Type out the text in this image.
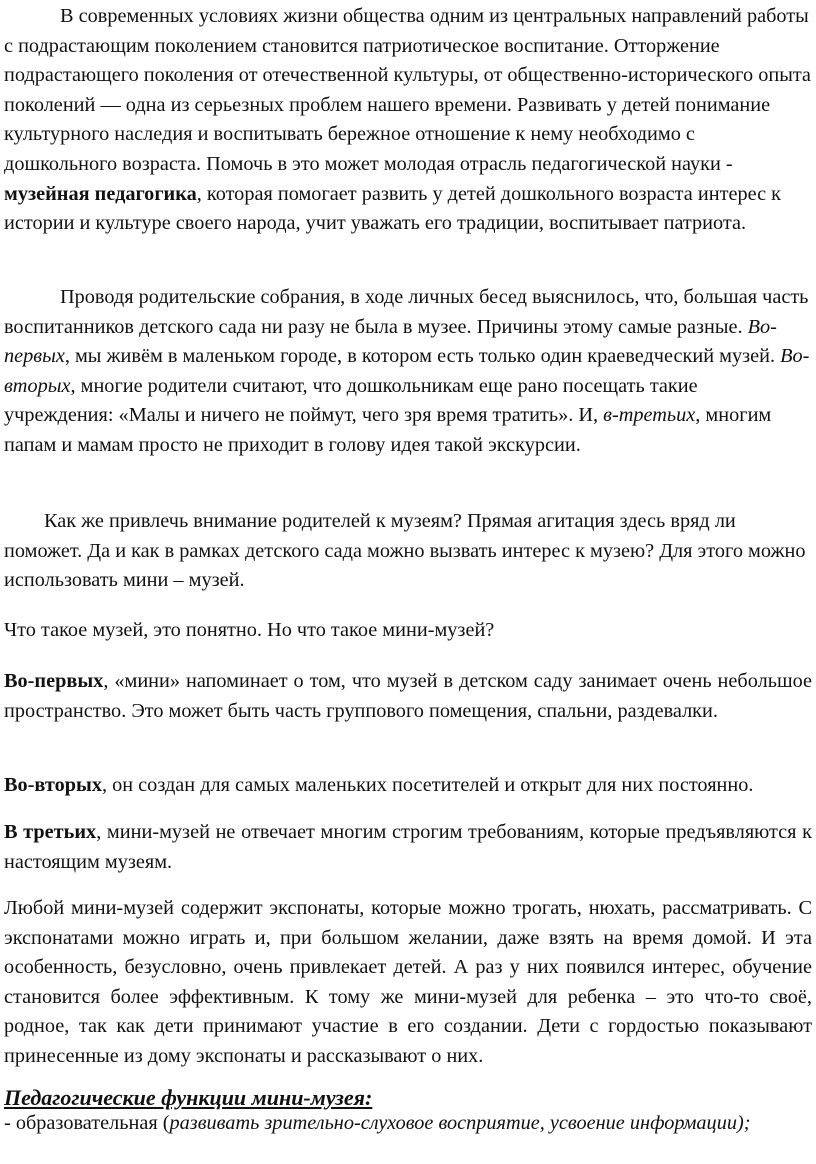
В современных условиях жизни общества одним из центральных направлений работы с подрастающим поколением становится патриотическое воспитание. Отторжение подрастающего поколения от отечественной культуры, от общественно-исторического опыта поколений — одна из серьезных проблем нашего времени. Развивать у детей понимание культурного наследия и воспитывать бережное отношение к нему необходимо с дошкольного возраста. Помочь в это может молодая отрасль педагогической науки - музейная педагогика, которая помогает развить у детей дошкольного возраста интерес к истории и культуре своего народа, учит уважать его традиции, воспитывает патриота.

Проводя родительские собрания, в ходе личных бесед выяснилось, что, большая часть воспитанников детского сада ни разу не была в музее. Причины этому самые разные. Во-первых, мы живём в маленьком городе, в котором есть только один краеведческий музей. Во-вторых, многие родители считают, что дошкольникам еще рано посещать такие учреждения: «Малы и ничего не поймут, чего зря время тратить». И, в-третьих, многим папам и мамам просто не приходит в голову идея такой экскурсии.

Как же привлечь внимание родителей к музеям? Прямая агитация здесь вряд ли поможет. Да и как в рамках детского сада можно вызвать интерес к музею? Для этого можно использовать мини – музей.

Что такое музей, это понятно. Но что такое мини-музей?

Во-первых, «мини» напоминает о том, что музей в детском саду занимает очень небольшое пространство. Это может быть часть группового помещения, спальни, раздевалки.

Во-вторых, он создан для самых маленьких посетителей и открыт для них постоянно.

В третьих, мини-музей не отвечает многим строгим требованиям, которые предъявляются к настоящим музеям.

Любой мини-музей содержит экспонаты, которые можно трогать, нюхать, рассматривать. С экспонатами можно играть и, при большом желании, даже взять на время домой. И эта особенность, безусловно, очень привлекает детей. А раз у них появился интерес, обучение становится более эффективным. К тому же мини-музей для ребенка – это что-то своё, родное, так как дети принимают участие в его создании. Дети с гордостью показывают принесенные из дому экспонаты и рассказывают о них.

Педагогические функции мини-музея:

- образовательная (развивать зрительно-слуховое восприятие, усвоение информации);
